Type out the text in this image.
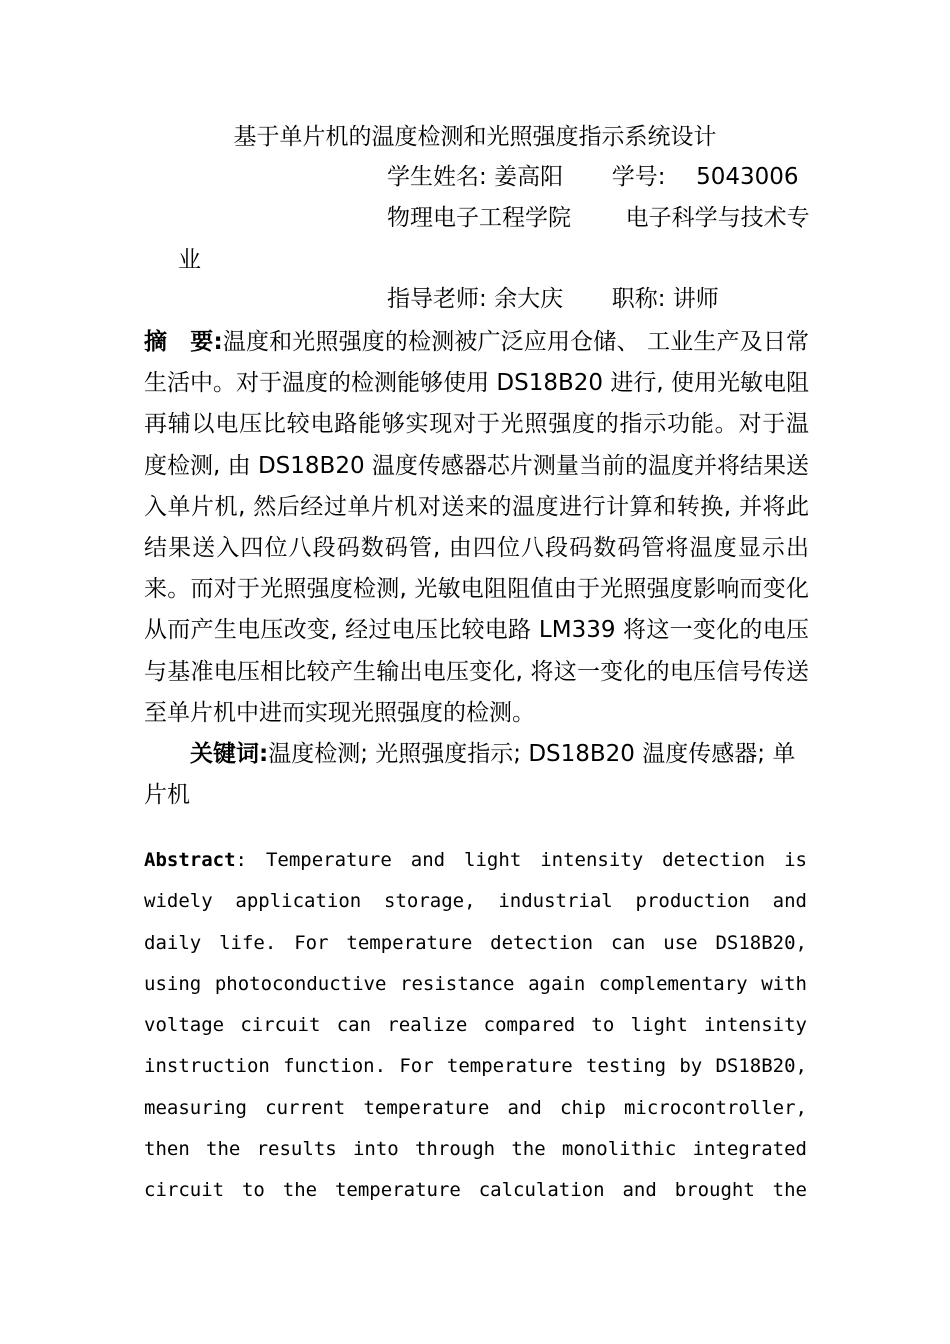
基于单片机的温度检测和光照强度指示系统设计
学生姓名: 姜高阳 学号: 5043006
物理电子工程学院 电子科学与技术专
业
指导老师: 余大庆 职称: 讲师
摘　要:温度和光照强度的检测被广泛应用仓储、 工业生产及日常生活中。对于温度的检测能够使用 DS18B20 进行, 使用光敏电阻再辅以电压比较电路能够实现对于光照强度的指示功能。对于温度检测, 由 DS18B20 温度传感器芯片测量当前的温度并将结果送入单片机, 然后经过单片机对送来的温度进行计算和转换, 并将此结果送入四位八段码数码管, 由四位八段码数码管将温度显示出来。而对于光照强度检测, 光敏电阻阻值由于光照强度影响而变化从而产生电压改变, 经过电压比较电路 LM339 将这一变化的电压与基准电压相比较产生输出电压变化, 将这一变化的电压信号传送至单片机中进而实现光照强度的检测。
关键词:温度检测; 光照强度指示; DS18B20 温度传感器; 单片机
Abstract: Temperature and light intensity detection is widely application storage, industrial production and daily life. For temperature detection can use DS18B20, using photoconductive resistance again complementary with voltage circuit can realize compared to light intensity instruction function. For temperature testing by DS18B20, measuring current temperature and chip microcontroller, then the results into through the monolithic integrated circuit to the temperature calculation and brought the
